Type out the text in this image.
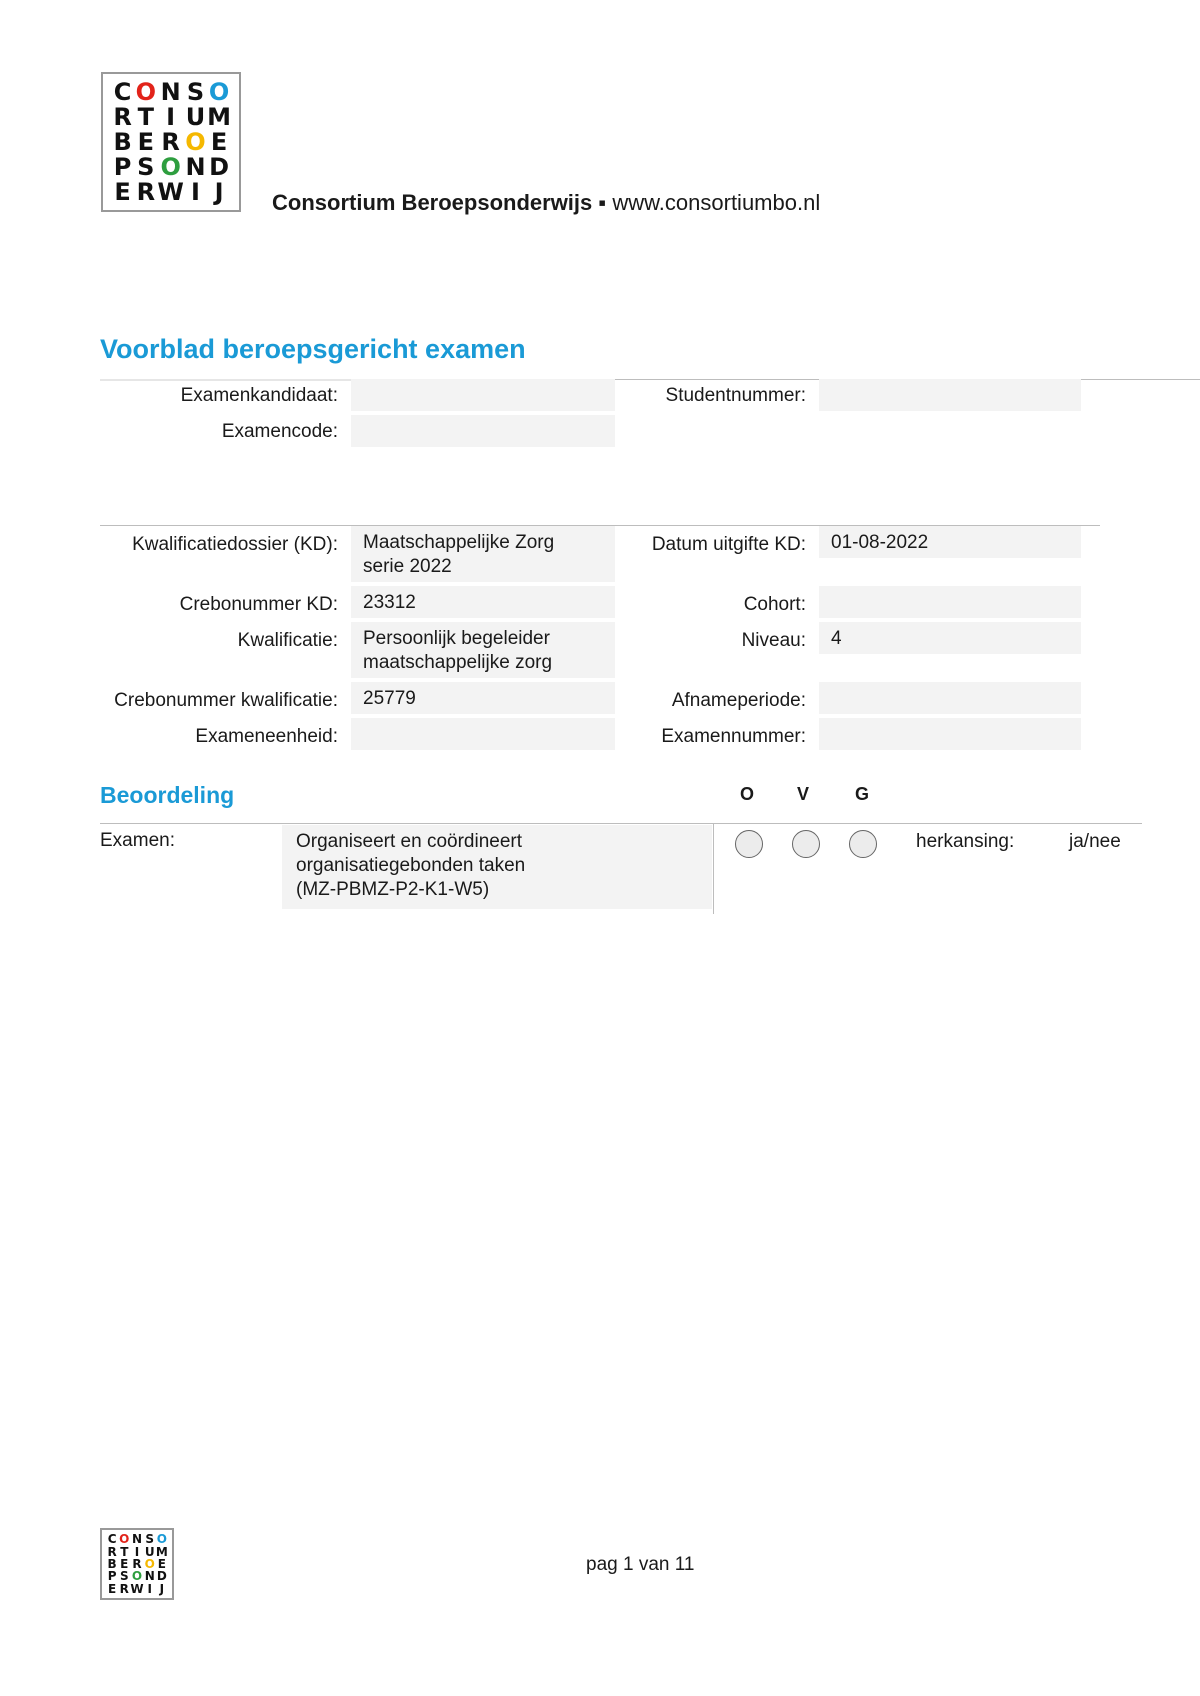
C O N S O
R T I U M
B E R O E
P S O N D
E R W I J	Consortium Beroepsonderwijs ▪ www.consortiumbo.nl
Voorblad beroepsgericht examen
Examenkandidaat:	Studentnummer:
Examencode:
Kwalificatiedossier (KD): Maatschappelijke Zorg
serie 2022
Datum uitgifte KD:	01-08-2022
Crebonummer KD:	23312	Cohort:
Kwalificatie: Persoonlijk begeleider
maatschappelijke zorg
Niveau:	4
Crebonummer kwalificatie:	25779	Afnameperiode:
Exameneenheid:	Examennummer:
Beoordeling	O V	G
Examen:	Organiseert en coördineert
organisatiegebonden taken
(MZ-PBMZ-P2-K1-W5)
herkansing:	ja/nee
C O N S O
R T I U M
B E R O E
P S O N D
E R W I J
pag 1 van 11
